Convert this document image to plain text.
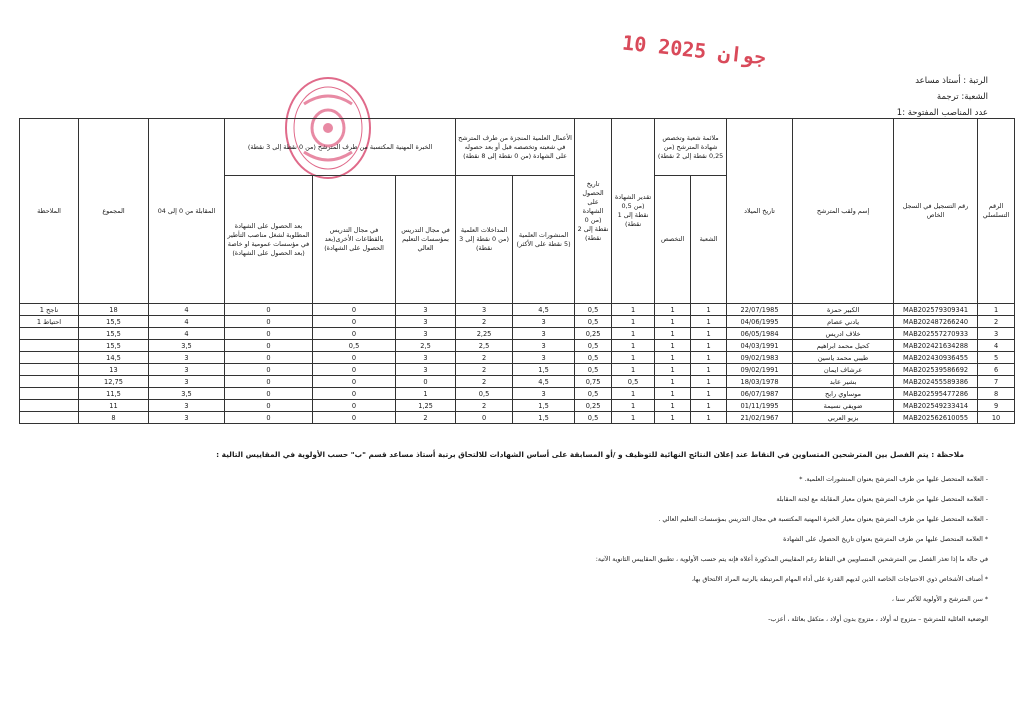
10 جوان 2025
الرتبة : أستاذ مساعد
الشعبة: ترجمة
عدد المناصب المفتوحة :1
الرقم التسلسلي	رقم التسجيل في السجل الخاص	إسم ولقب المترشح	تاريخ الميلاد	ملائمة شعبة وتخصص شهادة المترشح (من 0,25 نقطة إلى 2 نقطة)		تقدير الشهادة (من 0,5 نقطة إلى 1 نقطة)	تاريخ الحصول على الشهادة (من 0 نقطة إلى 2 نقطة)	الأعمال العلمية المنجزة من طرف المترشح في شعبته وتخصصه قبل أو بعد حصوله على الشهادة (من 0 نقطة إلى 8 نقطة)		الخبرة المهنية المكتسبة من طرف المترشح (من 0 نقطة إلى 3 نقطة)			المقابلة من 0 إلى 04	المجموع	الملاحظة
				الشعبة	التخصص			المنشورات العلمية (5 نقطة على الأكثر)	المداخلات العلمية (من 0 نقطة إلى 3 نقطة)	في مجال التدريس بمؤسسات التعليم العالي	في مجال التدريس بالقطاعات الأخرى(بعد الحصول على الشهادة)	بعد الحصول على الشهادة المطلوبة لشغل مناصب التأطير في مؤسسات عمومية او خاصة (بعد الحصول على الشهادة)			
1	MAB202579309341	الكبير حمزة	22/07/1985	1	1	1	0,5	4,5	3	3	0	0	4	18	ناجح 1
2	MAB202487266240	يادني عصام	04/06/1995	1	1	1	0,5	3	2	3	0	0	4	15,5	احتياط 1
3	MAB202557270933	خلاف ادريس	06/05/1984	1	1	1	0,25	3	2,25	3	0	0	4	15,5	
4	MAB202421634288	كحيل محمد ابراهيم	04/03/1991	1	1	1	0,5	3	2,5	2,5	0,5	0	3,5	15,5	
5	MAB202430936455	طيبي محمد ياسين	09/02/1983	1	1	1	0,5	3	2	3	0	0	3	14,5	
6	MAB202539586692	عرشاف ايمان	09/02/1991	1	1	1	0,5	1,5	2	3	0	0	3	13	
7	MAB202455589386	بشير عابد	18/03/1978	1	1	0,5	0,75	4,5	2	0	0	0	3	12,75	
8	MAB202595477286	موساوي رابح	06/07/1987	1	1	1	0,5	3	0,5	1	0	0	3,5	11,5	
9	MAB202549233414	ضويفي نسيمة	01/11/1995	1	1	1	0,25	1,5	2	1,25	0	0	3	11	
10	MAB202562610055	بزيو العربي	21/02/1967	1	1	1	0,5	1,5	0	2	0	0	3	8	
ملاحظة : يتم الفصل بين المترشحين المتساوين في النقاط عند إعلان النتائج النهائية للتوظيف و /أو المسابقة على أساس الشهادات للالتحاق برتبة أستاذ مساعد قسم "ب" حسب الأولوية في المقاييس التالية :
- العلامة المتحصل عليها من طرف المترشح بعنوان المنشورات العلمية. *
- العلامة المتحصل عليها من طرف المترشح بعنوان معيار المقابلة مع لجنة المقابلة
- العلامة المتحصل عليها من طرف المترشح بعنوان معيار الخبرة المهنية المكتسبة في مجال التدريس بمؤسسات التعليم العالي .
* العلامة المتحصل عليها من طرف المترشح بعنوان تاريخ الحصول على الشهادة
في حالة ما إذا تعذر الفصل بين المترشحين المتساويين في النقاط رغم المقاييس المذكورة أعلاه فإنه يتم حسب الأولوية ، تطبيق المقاييس الثانوية الآتية:
* أصناف الأشخاص ذوي الاحتياجات الخاصة الذين لديهم القدرة على أداء المهام المرتبطة بالرتبة المراد الالتحاق بها،
* سن المترشح و الأولوية للأكبر سنا ،
الوضعية العائلية للمترشح – متزوج له أولاد ، متزوج بدون أولاد ، متكفل بعائلة ، أعزب-
